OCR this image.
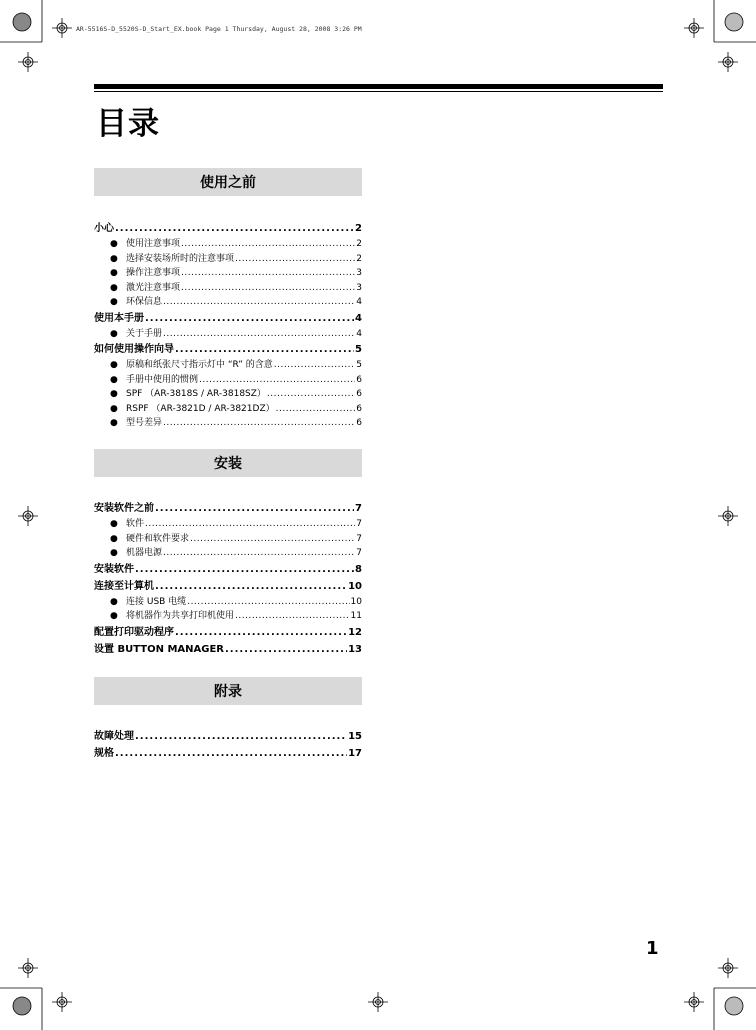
AR-5516S-D_5520S-D_Start_EX.book Page 1 Thursday, August 28, 2008 3:26 PM
目录
使用之前
小心 .....	2
● 使用注意事项 .....	2
● 选择安装场所时的注意事项 .....	2
● 操作注意事项 .....	3
● 激光注意事项 .....	3
● 环保信息 .....	4
使用本手册 .....	4
● 关于手册 .....	4
如何使用操作向导 .....	5
● 原稿和纸张尺寸指示灯中 “R” 的含意 .....	5
● 手册中使用的惯例 .....	6
● SPF （AR-3818S / AR-3818SZ） .....	6
● RSPF （AR-3821D / AR-3821DZ） .....	6
● 型号差异 .....	6
安装
安装软件之前 .....	7
● 软件 .....	7
● 硬件和软件要求 .....	7
● 机器电源 .....	7
安装软件 .....	8
连接至计算机 .....	10
● 连接 USB 电缆 .....	10
● 将机器作为共享打印机使用 .....	11
配置打印驱动程序 .....	12
设置 BUTTON MANAGER .....	13
附录
故障处理 .....	15
规格 .....	17
1
